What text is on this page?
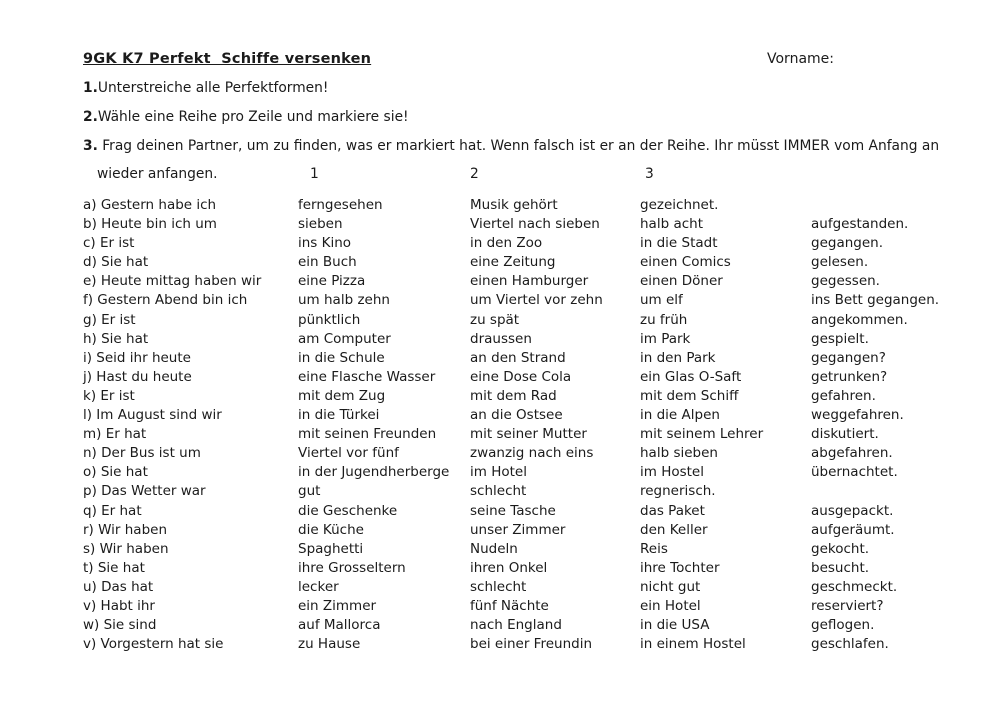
9GK K7 Perfekt  Schiffe versenken	Vorname:
1.Unterstreiche alle Perfektformen!
2.Wähle eine Reihe pro Zeile und markiere sie!
3. Frag deinen Partner, um zu finden, was er markiert hat. Wenn falsch ist er an der Reihe. Ihr müsst IMMER vom Anfang an
wieder anfangen.	1	2	3
a) Gestern habe ich	ferngesehen	Musik gehört	gezeichnet.
b) Heute bin ich um	sieben	Viertel nach sieben	halb acht	aufgestanden.
c) Er ist	ins Kino	in den Zoo	in die Stadt	gegangen.
d) Sie hat	ein Buch	eine Zeitung	einen Comics	gelesen.
e) Heute mittag haben wir	eine Pizza	einen Hamburger	einen Döner	gegessen.
f) Gestern Abend bin ich	um halb zehn	um Viertel vor zehn	um elf	ins Bett gegangen.
g) Er ist	pünktlich	zu spät	zu früh	angekommen.
h) Sie hat	am Computer	draussen	im Park	gespielt.
i) Seid ihr heute	in die Schule	an den Strand	in den Park	gegangen?
j) Hast du heute	eine Flasche Wasser	eine Dose Cola	ein Glas O-Saft	getrunken?
k) Er ist	mit dem Zug	mit dem Rad	mit dem Schiff	gefahren.
l) Im August sind wir	in die Türkei	an die Ostsee	in die Alpen	weggefahren.
m) Er hat	mit seinen Freunden	mit seiner Mutter	mit seinem Lehrer	diskutiert.
n) Der Bus ist um	Viertel vor fünf	zwanzig nach eins	halb sieben	abgefahren.
o) Sie hat	in der Jugendherberge	im Hotel	im Hostel	übernachtet.
p) Das Wetter war	gut	schlecht	regnerisch.
q) Er hat	die Geschenke	seine Tasche	das Paket	ausgepackt.
r) Wir haben	die Küche	unser Zimmer	den Keller	aufgeräumt.
s) Wir haben	Spaghetti	Nudeln	Reis	gekocht.
t) Sie hat	ihre Grosseltern	ihren Onkel	ihre Tochter	besucht.
u) Das hat	lecker	schlecht	nicht gut	geschmeckt.
v) Habt ihr	ein Zimmer	fünf Nächte	ein Hotel	reserviert?
w) Sie sind	auf Mallorca	nach England	in die USA	geflogen.
v) Vorgestern hat sie	zu Hause	bei einer Freundin	in einem Hostel	geschlafen.
